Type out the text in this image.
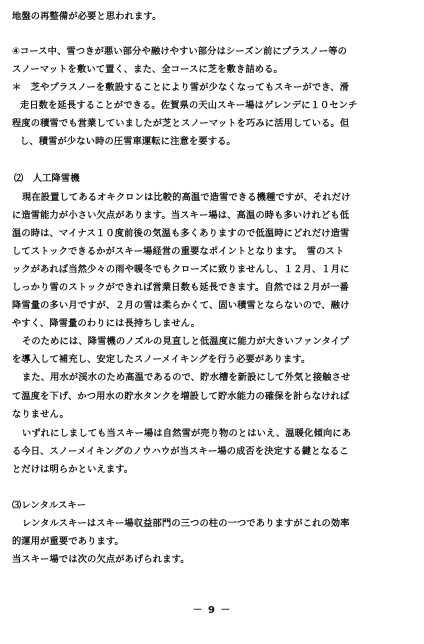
地盤の再整備が必要と思われます。
④コース中、雪つきが悪い部分や融けやすい部分はシーズン前にプラスノー等の
スノーマットを敷いて置く、また、全コースに芝を敷き詰める。
＊　芝やプラスノーを敷設することにより雪が少なくなってもスキーができ、滑
走日数を延長することができる。佐賀県の天山スキー場はゲレンデに１０センチ
程度の積雪でも営業していましたが芝とスノーマットを巧みに活用している。但
し、積雪が少ない時の圧雪車運転に注意を要する。
⑵　人工降雪機
現在設置してあるオキクロンは比較的高温で造雪できる機種ですが、それだけ
に造雪能力が小さい欠点があります。当スキー場は、高温の時も多いけれども低
温の時は、マイナス１０度前後の気温も多くありますので低温時にどれだけ造雪
してストックできるかがスキー場経営の重要なポイントとなります。　雪のスト
ックがあれば当然少々の雨や暖冬でもクローズに致りませんし、１２月、１月に
しっかり雪のストックができれば営業日数も延長できます。自然では２月が一番
降雪量の多い月ですが、２月の雪は柔らかくて、固い積雪とならないので、融け
やすく、降雪量のわりには長持ちしません。
そのためには、降雪機のノズルの見直しと低温度に能力が大きいファンタイプ
を導入して補充し、安定したスノーメイキングを行う必要があります。
また、用水が渓水のため高温であるので、貯水槽を新設にして外気と接触させ
て温度を下げ、かつ用水の貯水タンクを増設して貯水能力の確保を計らなければ
なりません。
いずれにしましても当スキー場は自然雪が売り物のとはいえ、温暖化傾向にあ
る今日、スノーメイキングのノウハウが当スキー場の成否を決定する鍵となるこ
とだけは明らかといえます。
⑶レンタルスキー
レンタルスキーはスキー場収益部門の三つの柱の一つでありますがこれの効率
的運用が重要であります。
当スキー場では次の欠点があげられます。
－ 9 －
